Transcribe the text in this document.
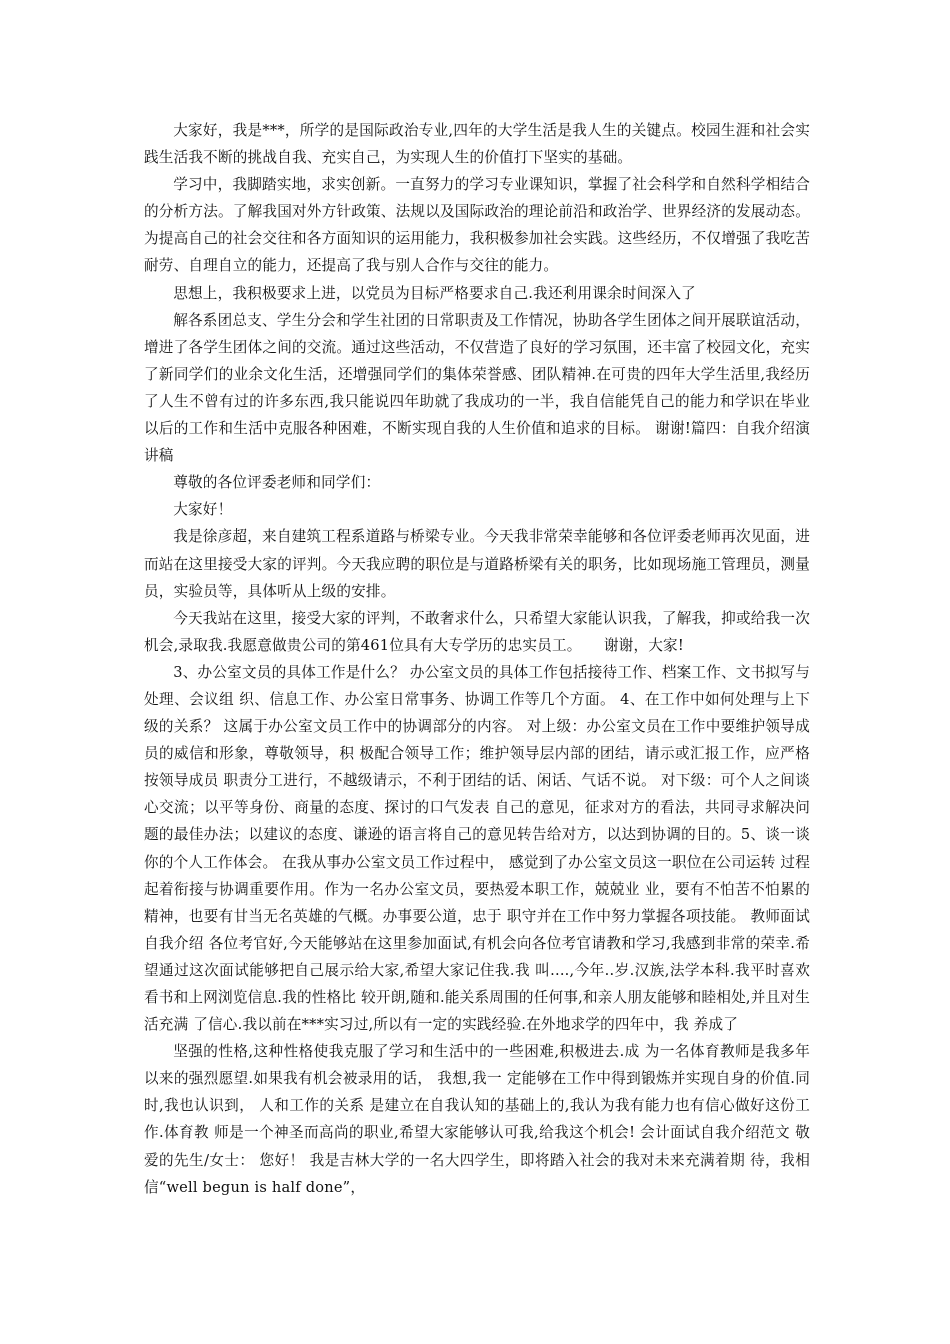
大家好，我是***，所学的是国际政治专业,四年的大学生活是我人生的关键点。校园生涯和社会实践生活我不断的挑战自我、充实自己，为实现人生的价值打下坚实的基础。

学习中，我脚踏实地，求实创新。一直努力的学习专业课知识，掌握了社会科学和自然科学相结合的分析方法。了解我国对外方针政策、法规以及国际政治的理论前沿和政治学、世界经济的发展动态。为提高自己的社会交往和各方面知识的运用能力，我积极参加社会实践。这些经历，不仅增强了我吃苦耐劳、自理自立的能力，还提高了我与别人合作与交往的能力。

思想上，我积极要求上进，以党员为目标严格要求自己.我还利用课余时间深入了

解各系团总支、学生分会和学生社团的日常职责及工作情况，协助各学生团体之间开展联谊活动，增进了各学生团体之间的交流。通过这些活动，不仅营造了良好的学习氛围，还丰富了校园文化，充实了新同学们的业余文化生活，还增强同学们的集体荣誉感、团队精神.在可贵的四年大学生活里,我经历了人生不曾有过的许多东西,我只能说四年助就了我成功的一半，我自信能凭自己的能力和学识在毕业以后的工作和生活中克服各种困难，不断实现自我的人生价值和追求的目标。 谢谢!篇四：自我介绍演讲稿

尊敬的各位评委老师和同学们：

大家好！

我是徐彦超，来自建筑工程系道路与桥梁专业。今天我非常荣幸能够和各位评委老师再次见面，进而站在这里接受大家的评判。今天我应聘的职位是与道路桥梁有关的职务，比如现场施工管理员，测量员，实验员等，具体听从上级的安排。

今天我站在这里，接受大家的评判，不敢奢求什么，只希望大家能认识我，了解我，抑或给我一次机会,录取我.我愿意做贵公司的第461位具有大专学历的忠实员工。　　谢谢，大家!

3、办公室文员的具体工作是什么？ 办公室文员的具体工作包括接待工作、档案工作、文书拟写与处理、会议组 织、信息工作、办公室日常事务、协调工作等几个方面。 4、在工作中如何处理与上下级的关系？ 这属于办公室文员工作中的协调部分的内容。 对上级：办公室文员在工作中要维护领导成员的威信和形象，尊敬领导，积 极配合领导工作；维护领导层内部的团结，请示或汇报工作，应严格按领导成员 职责分工进行，不越级请示，不利于团结的话、闲话、气话不说。 对下级：可个人之间谈心交流；以平等身份、商量的态度、探讨的口气发表 自己的意见，征求对方的看法，共同寻求解决问题的最佳办法；以建议的态度、谦逊的语言将自己的意见转告给对方，以达到协调的目的。5、谈一谈你的个人工作体会。 在我从事办公室文员工作过程中， 感觉到了办公室文员这一职位在公司运转 过程起着衔接与协调重要作用。作为一名办公室文员，要热爱本职工作，兢兢业 业，要有不怕苦不怕累的精神，也要有甘当无名英雄的气概。办事要公道，忠于 职守并在工作中努力掌握各项技能。 教师面试自我介绍 各位考官好,今天能够站在这里参加面试,有机会向各位考官请教和学习,我感到非常的荣幸.希望通过这次面试能够把自己展示给大家,希望大家记住我.我 叫....,今年..岁.汉族,法学本科.我平时喜欢看书和上网浏览信息.我的性格比 较开朗,随和.能关系周围的任何事,和亲人朋友能够和睦相处,并且对生活充满 了信心.我以前在***实习过,所以有一定的实践经验.在外地求学的四年中，我 养成了

坚强的性格,这种性格使我克服了学习和生活中的一些困难,积极进去.成 为一名体育教师是我多年以来的强烈愿望.如果我有机会被录用的话， 我想,我一 定能够在工作中得到锻炼并实现自身的价值.同时,我也认识到， 人和工作的关系 是建立在自我认知的基础上的,我认为我有能力也有信心做好这份工作.体育教 师是一个神圣而高尚的职业,希望大家能够认可我,给我这个机会! 会计面试自我介绍范文 敬爱的先生/女士： 您好！ 我是吉林大学的一名大四学生，即将踏入社会的我对未来充满着期 待，我相信“well begun is half done”，
